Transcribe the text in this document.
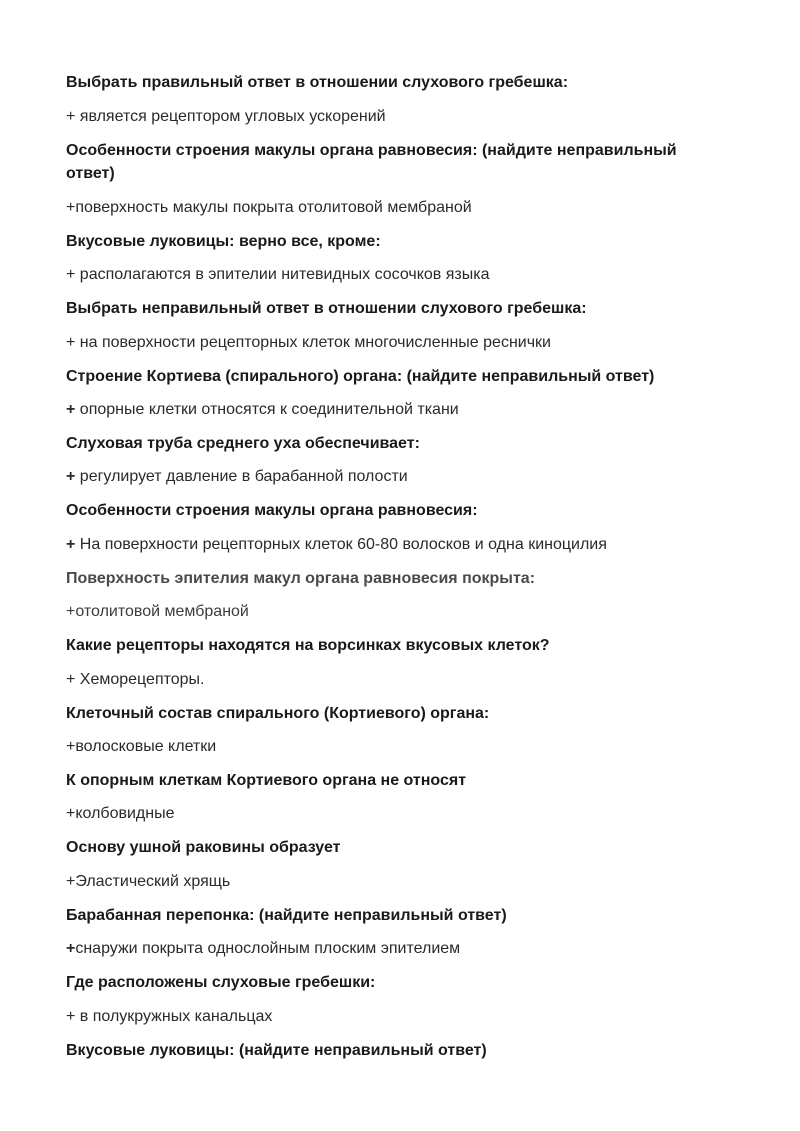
Выбрать правильный ответ в отношении слухового гребешка:

+ является рецептором угловых ускорений

Особенности строения макулы органа равновесия: (найдите неправильный ответ)

+поверхность макулы покрыта отолитовой мембраной

Вкусовые луковицы: верно все, кроме:

+ располагаются в эпителии нитевидных сосочков языка

Выбрать неправильный ответ в отношении слухового гребешка:

+ на поверхности рецепторных клеток многочисленные реснички

Строение Кортиева (спирального) органа: (найдите неправильный ответ)

+ опорные клетки относятся к соединительной ткани

Слуховая труба среднего уха обеспечивает:

+ регулирует давление в барабанной полости

Особенности строения макулы органа равновесия:

+ На поверхности рецепторных клеток 60-80 волосков и одна киноцилия

Поверхность эпителия макул органа равновесия покрыта:

+отолитовой мембраной

Какие рецепторы находятся на ворсинках вкусовых клеток?

+ Хеморецепторы.

Клеточный состав спирального (Кортиевого) органа:

+волосковые клетки

К опорным клеткам Кортиевого органа не относят

+колбовидные

Основу ушной раковины образует

+Эластический хрящь

Барабанная перепонка: (найдите неправильный ответ)

+снаружи покрыта однослойным плоским эпителием

Где расположены слуховые гребешки:

+ в полукружных канальцах

Вкусовые луковицы: (найдите неправильный ответ)
